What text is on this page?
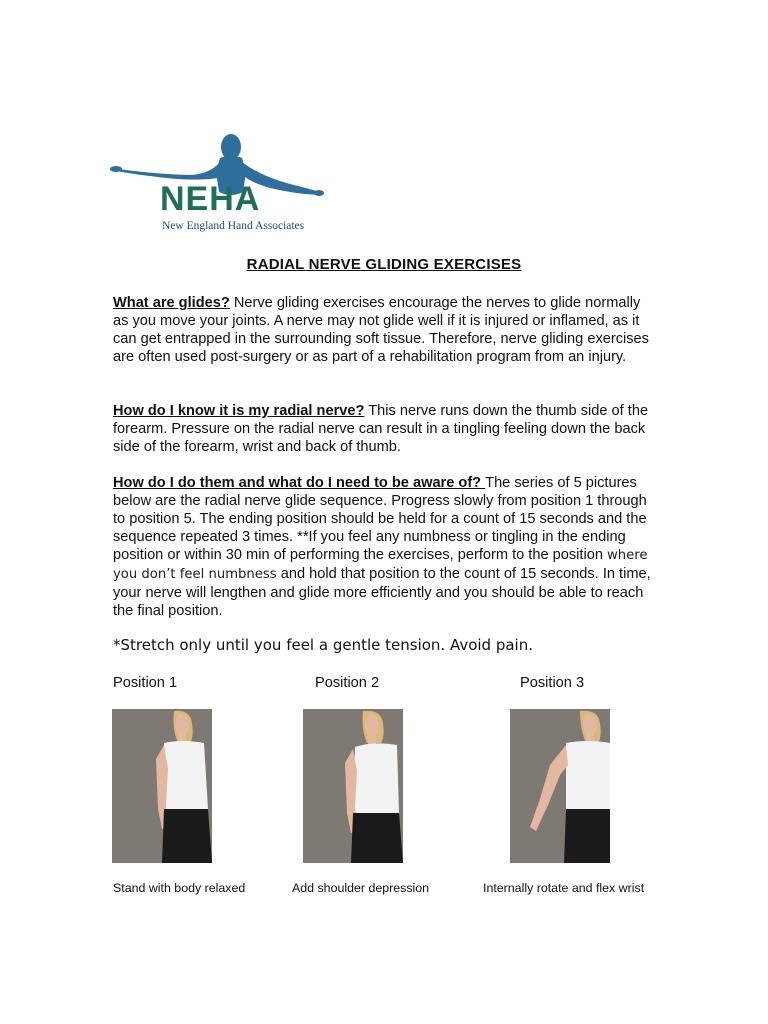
NEHA
New England Hand Associates
RADIAL NERVE GLIDING EXERCISES

What are glides? Nerve gliding exercises encourage the nerves to glide normally as you move your joints. A nerve may not glide well if it is injured or inflamed, as it can get entrapped in the surrounding soft tissue. Therefore, nerve gliding exercises are often used post-surgery or as part of a rehabilitation program from an injury.

How do I know it is my radial nerve? This nerve runs down the thumb side of the forearm. Pressure on the radial nerve can result in a tingling feeling down the back side of the forearm, wrist and back of thumb.

How do I do them and what do I need to be aware of? The series of 5 pictures below are the radial nerve glide sequence. Progress slowly from position 1 through to position 5. The ending position should be held for a count of 15 seconds and the sequence repeated 3 times. **If you feel any numbness or tingling in the ending position or within 30 min of performing the exercises, perform to the position where you don’t feel numbness and hold that position to the count of 15 seconds. In time, your nerve will lengthen and glide more efficiently and you should be able to reach the final position.

*Stretch only until you feel a gentle tension. Avoid pain.
Position 1	Position 2	Position 3
Stand with body relaxed	Add shoulder depression	Internally rotate and flex wrist
